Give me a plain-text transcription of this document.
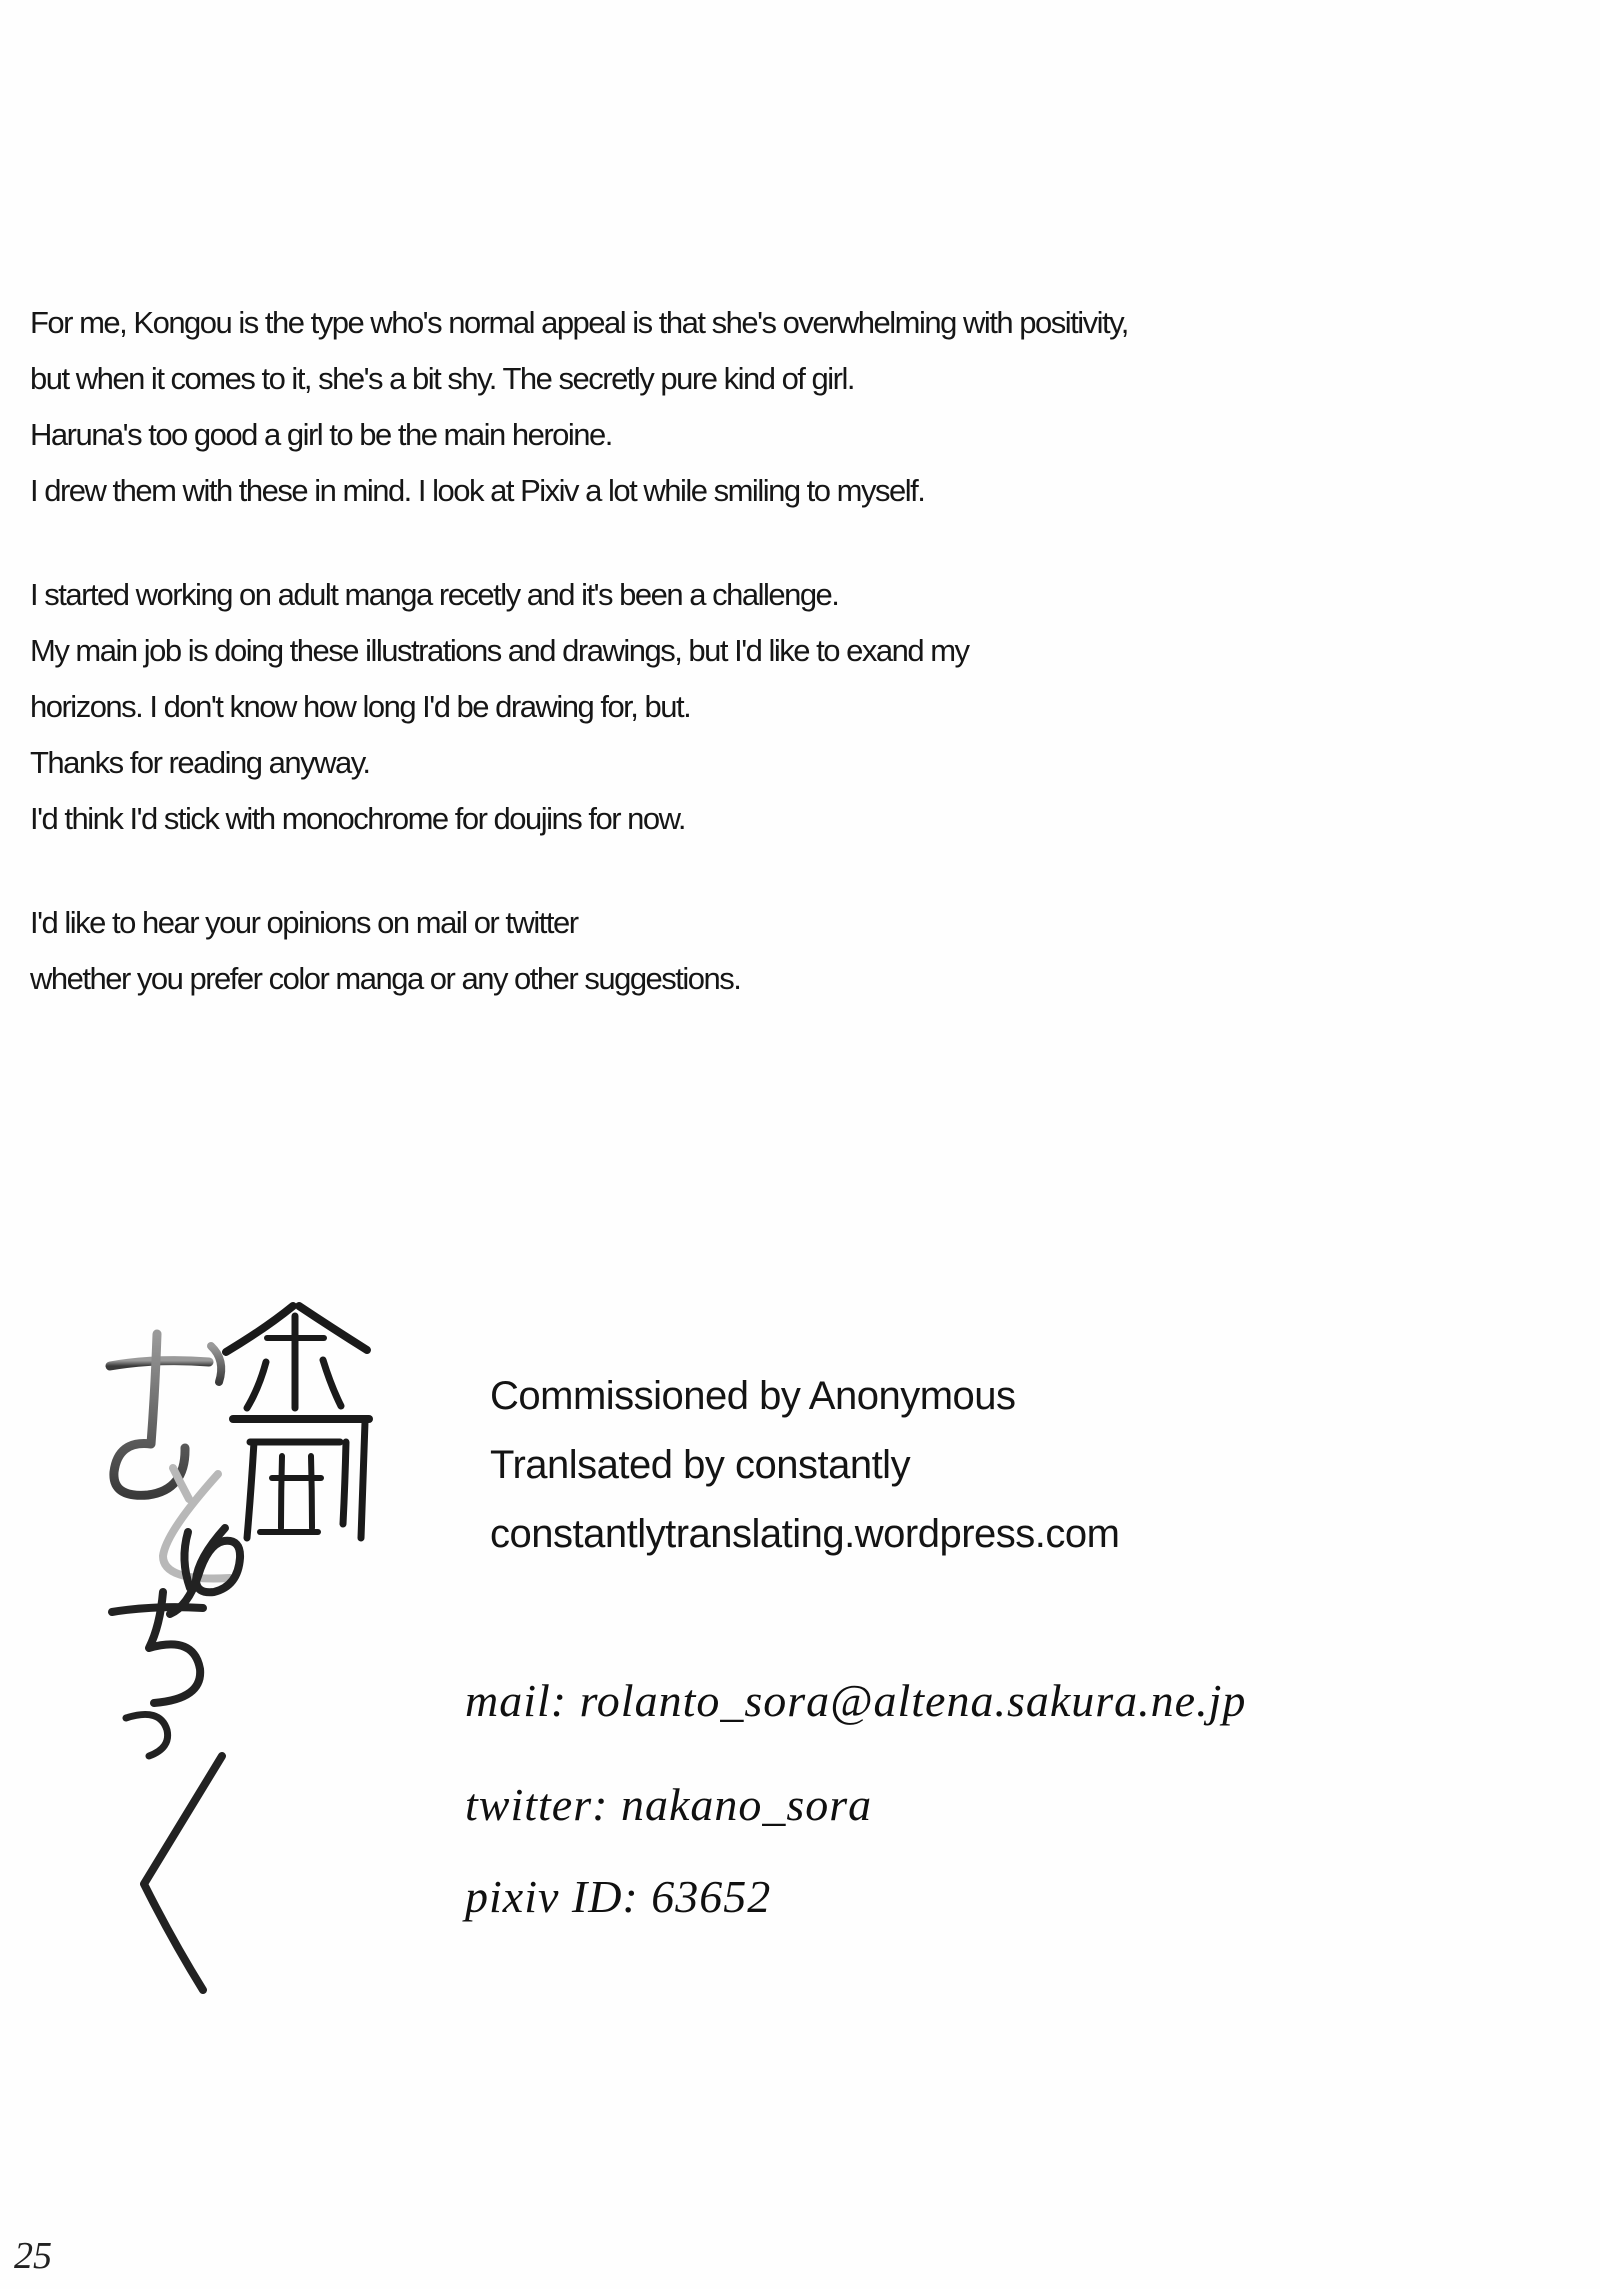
For me, Kongou is the type who's normal appeal is that she's overwhelming with positivity,
but when it comes to it, she's a bit shy. The secretly pure kind of girl.
Haruna's too good a girl to be the main heroine.
I drew them with these in mind. I look at Pixiv a lot while smiling to myself.
I started working on adult manga recetly and it's been a challenge.
My main job is doing these illustrations and drawings, but I'd like to exand my
horizons. I don't know how long I'd be drawing for, but.
Thanks for reading anyway.
I'd think I'd stick with monochrome for doujins for now.
I'd like to hear your opinions on mail or twitter
whether you prefer color manga or any other suggestions.
Commissioned by Anonymous
Tranlsated by constantly
constantlytranslating.wordpress.com
mail: rolanto_sora@altena.sakura.ne.jp
twitter: nakano_sora
pixiv ID: 63652
25
